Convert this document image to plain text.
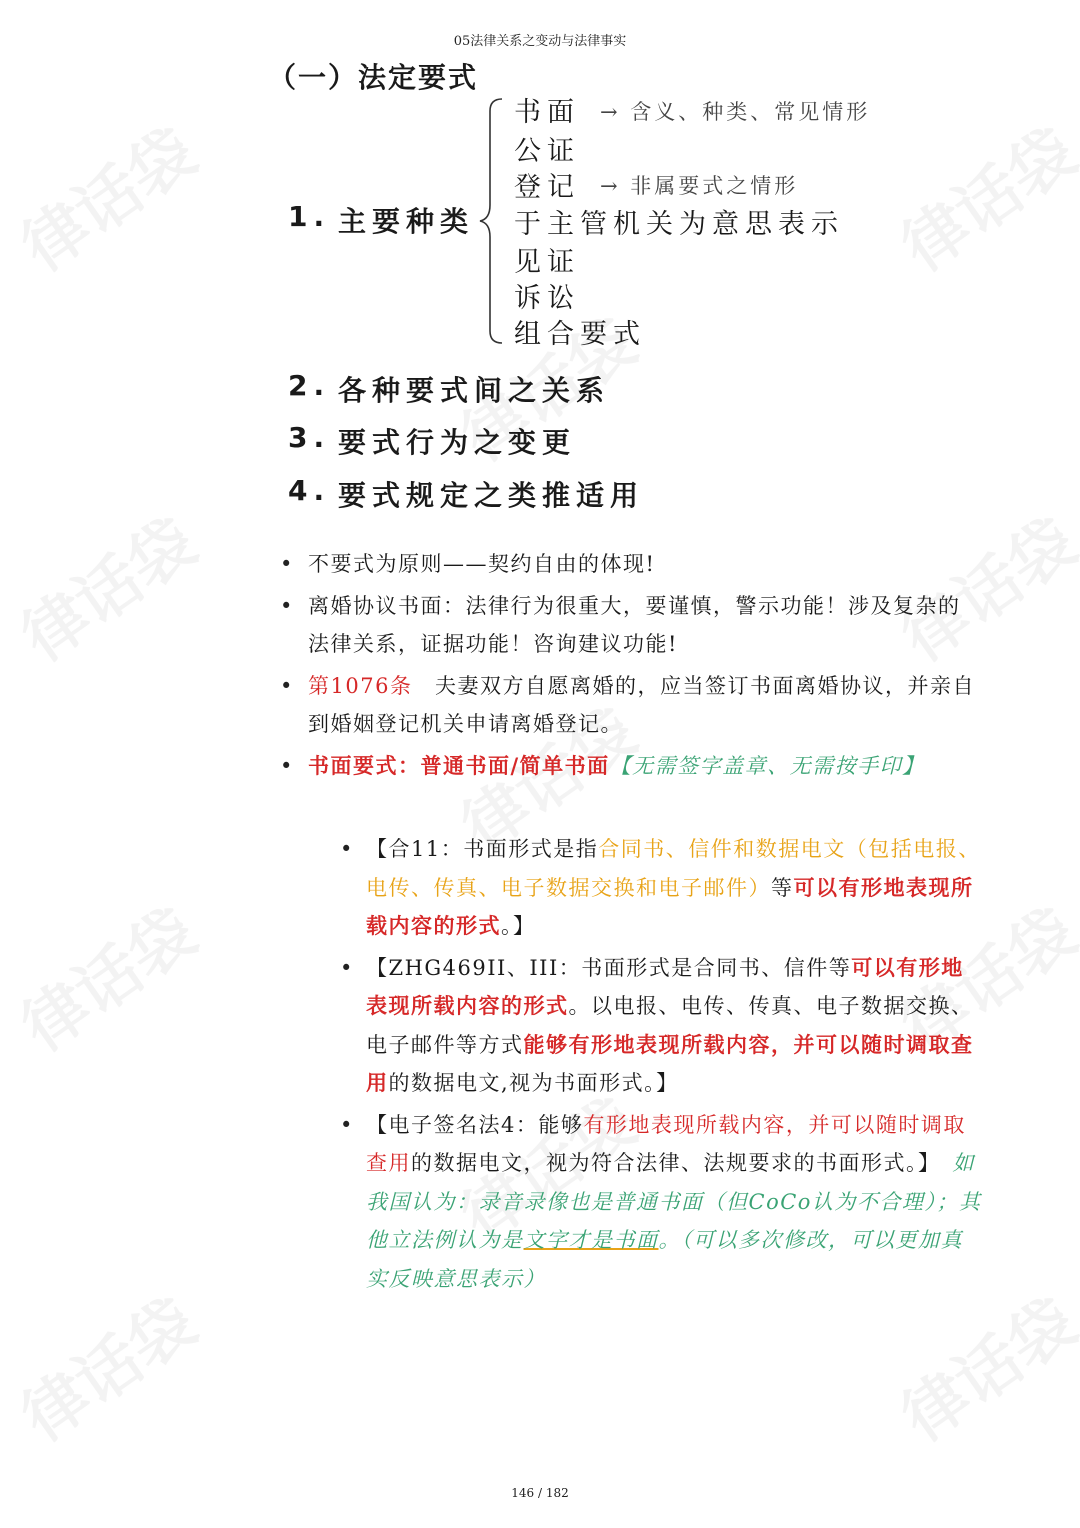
05法律关系之变动与法律事实
（一）法定要式
1. 主要种类
书面 → 含义、种类、常见情形
公证
登记 → 非属要式之情形
于主管机关为意思表示
见证
诉讼
组合要式
2. 各种要式间之关系
3. 要式行为之变更
4. 要式规定之类推适用

• 不要式为原则——契约自由的体现!

• 离婚协议书面：法律行为很重大，要谨慎，警示功能！涉及复杂的法律关系，证据功能！咨询建议功能!

• 第1076条　夫妻双方自愿离婚的，应当签订书面离婚协议，并亲自到婚姻登记机关申请离婚登记。

• 书面要式：普通书面/简单书面【无需签字盖章、无需按手印】

• 【合11：书面形式是指合同书、信件和数据电文（包括电报、电传、传真、电子数据交换和电子邮件）等可以有形地表现所载内容的形式。】

• 【ZHG469II、III：书面形式是合同书、信件等可以有形地表现所载内容的形式。以电报、电传、传真、电子数据交换、电子邮件等方式能够有形地表现所载内容，并可以随时调取查用的数据电文,视为书面形式。】

• 【电子签名法4：能够有形地表现所载内容，并可以随时调取查用的数据电文，视为符合法律、法规要求的书面形式。】　如我国认为：录音录像也是普通书面（但CoCo认为不合理）；其他立法例认为是文字才是书面。（可以多次修改，可以更加真实反映意思表示）

146 / 182
